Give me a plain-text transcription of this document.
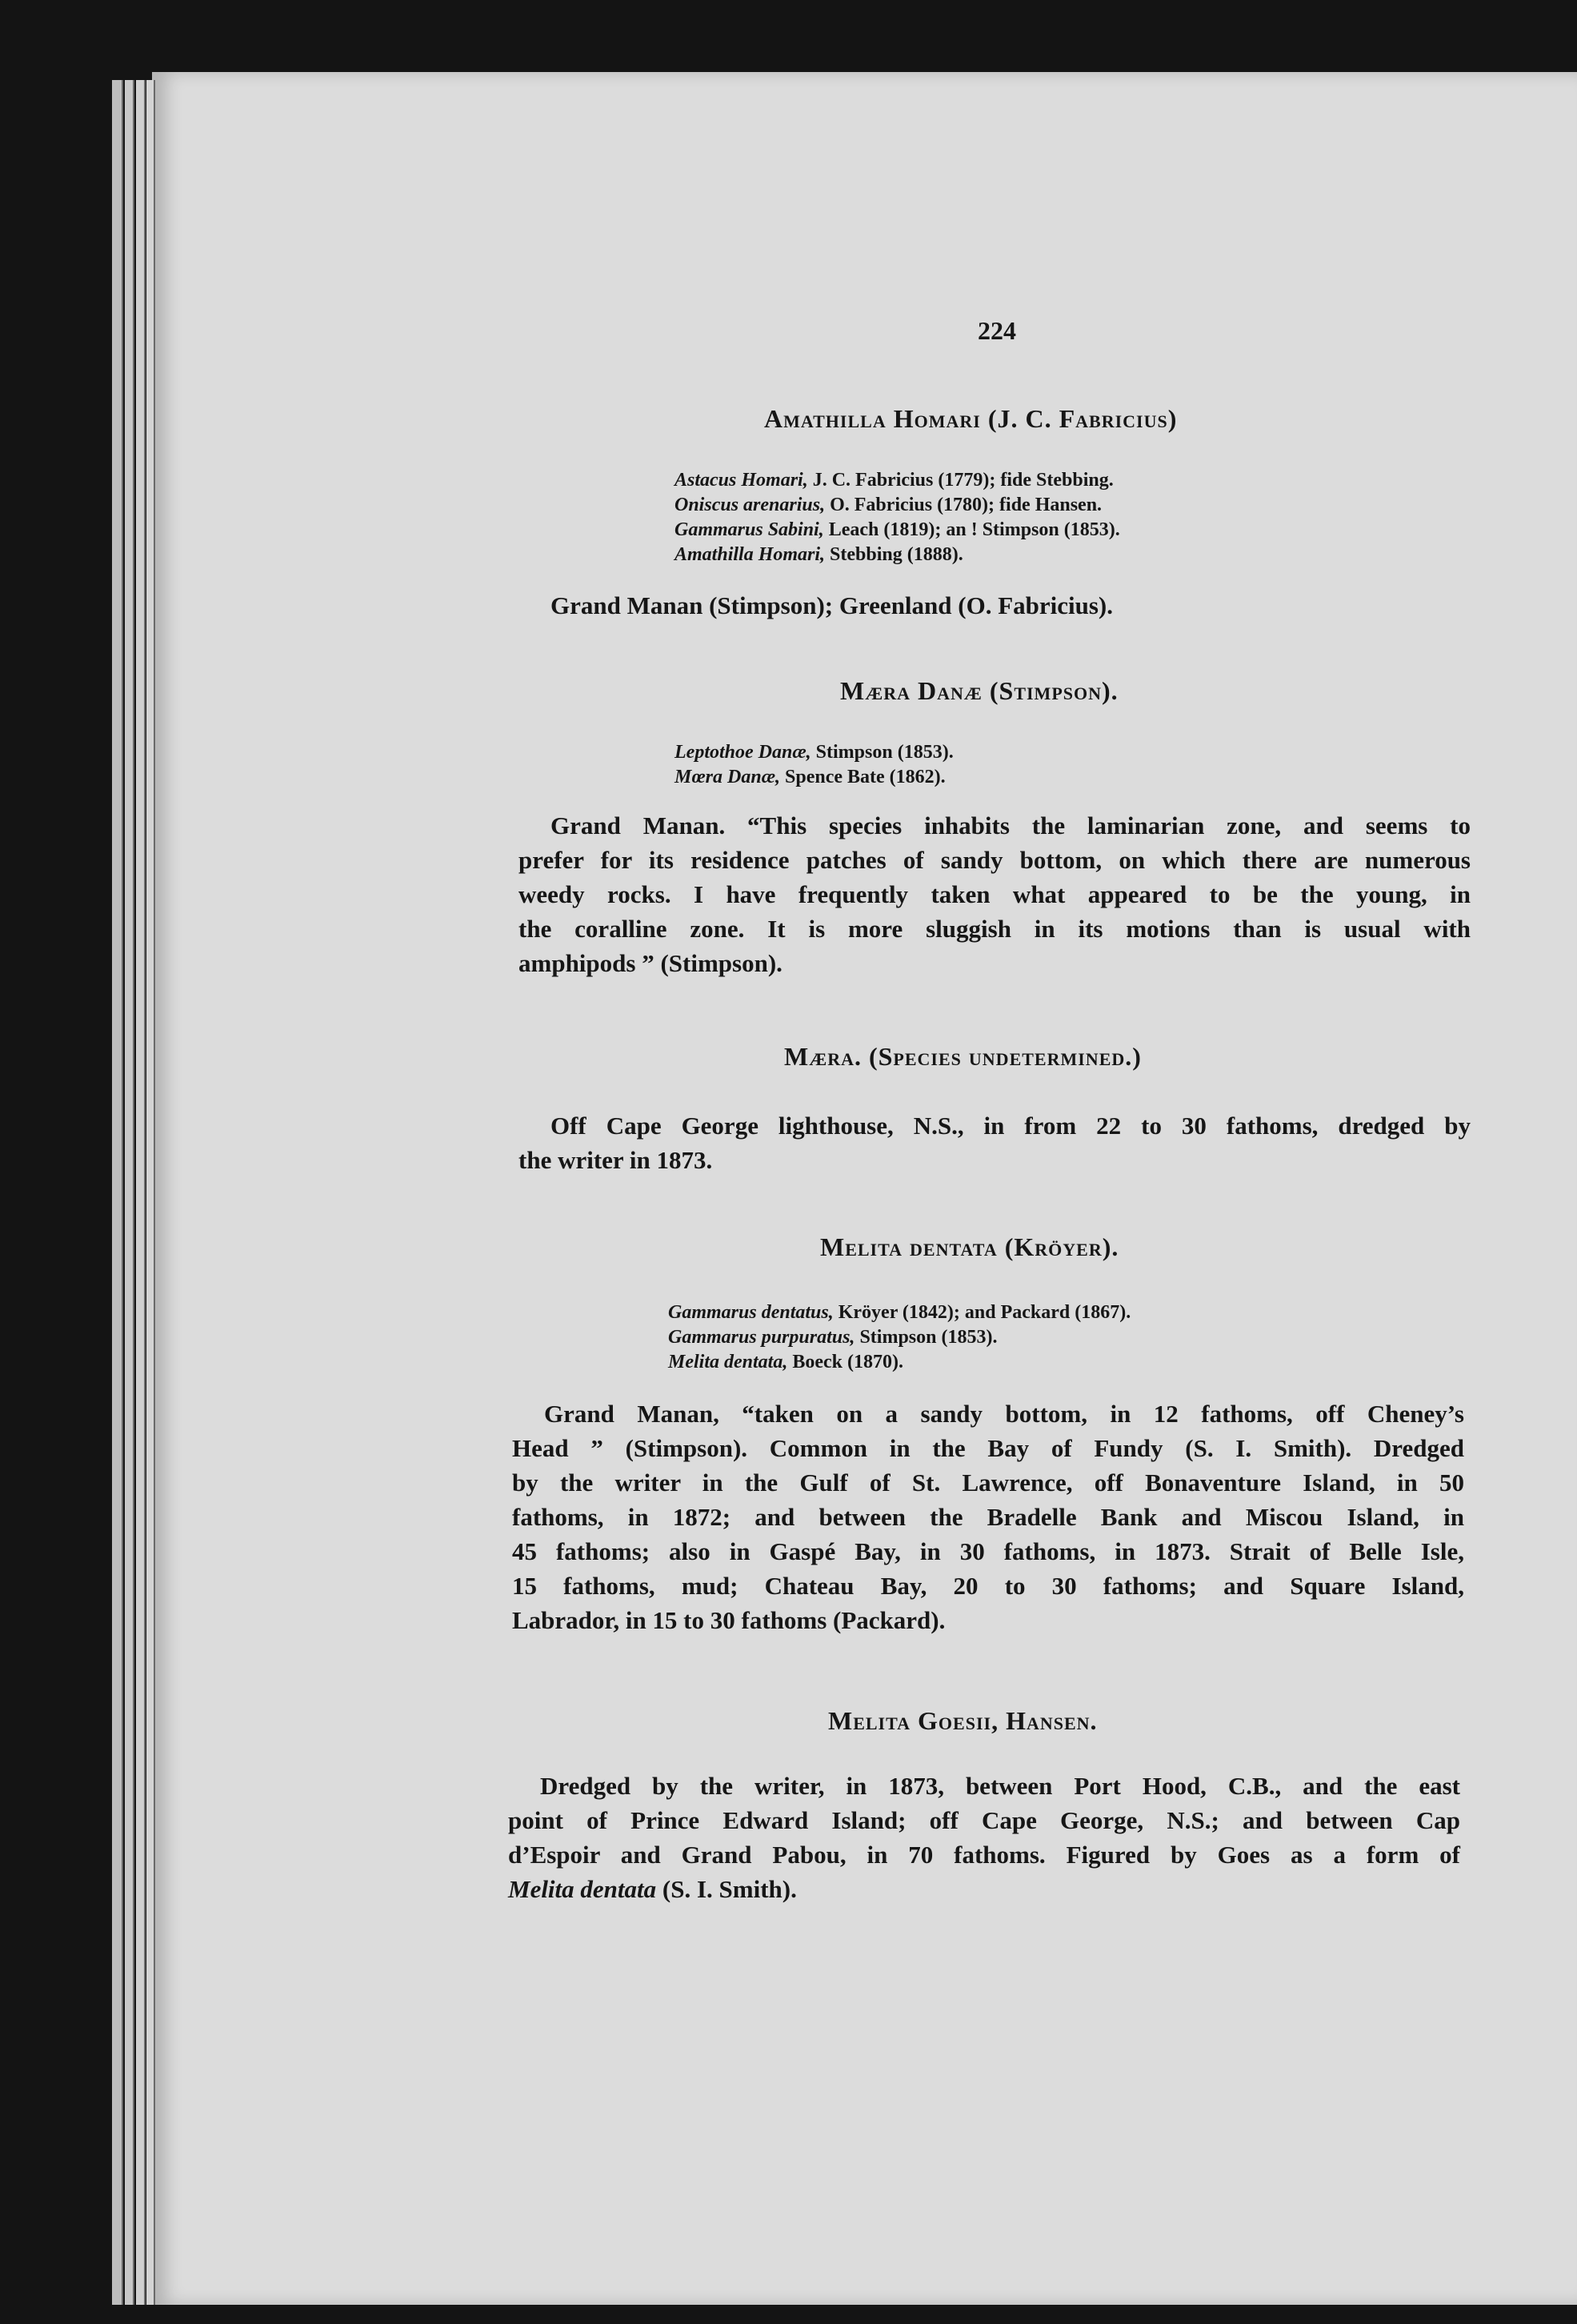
224
Amathilla Homari (J. C. Fabricius)
Astacus Homari, J. C. Fabricius (1779); fide Stebbing.
Oniscus arenarius, O. Fabricius (1780); fide Hansen.
Gammarus Sabini, Leach (1819); an ! Stimpson (1853).
Amathilla Homari, Stebbing (1888).
Grand Manan (Stimpson); Greenland (O. Fabricius).
Mæra Danæ (Stimpson).
Leptothoe Danæ, Stimpson (1853).
Mœra Danæ, Spence Bate (1862).
Grand Manan. “This species inhabits the laminarian zone, and seems to
prefer for its residence patches of sandy bottom, on which there are numerous
weedy rocks. I have frequently taken what appeared to be the young, in
the coralline zone. It is more sluggish in its motions than is usual with
amphipods ” (Stimpson).
Mæra. (Species undetermined.)
Off Cape George lighthouse, N.S., in from 22 to 30 fathoms, dredged by
the writer in 1873.
Melita dentata (Kröyer).
Gammarus dentatus, Kröyer (1842); and Packard (1867).
Gammarus purpuratus, Stimpson (1853).
Melita dentata, Boeck (1870).
Grand Manan, “taken on a sandy bottom, in 12 fathoms, off Cheney’s
Head ” (Stimpson). Common in the Bay of Fundy (S. I. Smith). Dredged
by the writer in the Gulf of St. Lawrence, off Bonaventure Island, in 50
fathoms, in 1872; and between the Bradelle Bank and Miscou Island, in
45 fathoms; also in Gaspé Bay, in 30 fathoms, in 1873. Strait of Belle Isle,
15 fathoms, mud; Chateau Bay, 20 to 30 fathoms; and Square Island,
Labrador, in 15 to 30 fathoms (Packard).
Melita Goesii, Hansen.
Dredged by the writer, in 1873, between Port Hood, C.B., and the east
point of Prince Edward Island; off Cape George, N.S.; and between Cap
d’Espoir and Grand Pabou, in 70 fathoms. Figured by Goes as a form of
Melita dentata (S. I. Smith).
